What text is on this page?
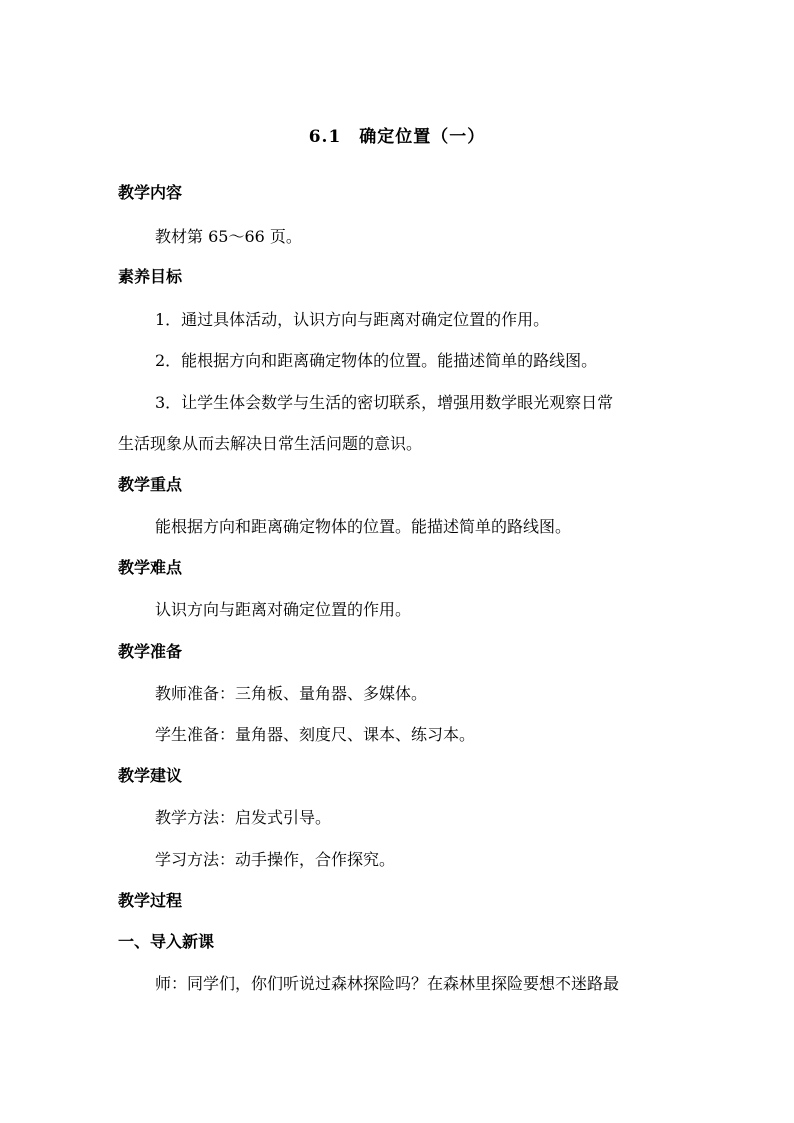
6.1　确定位置（一）
教学内容
教材第 65～66 页。
素养目标
1．通过具体活动，认识方向与距离对确定位置的作用。
2．能根据方向和距离确定物体的位置。能描述简单的路线图。
3．让学生体会数学与生活的密切联系，增强用数学眼光观察日常
生活现象从而去解决日常生活问题的意识。
教学重点
能根据方向和距离确定物体的位置。能描述简单的路线图。
教学难点
认识方向与距离对确定位置的作用。
教学准备
教师准备：三角板、量角器、多媒体。
学生准备：量角器、刻度尺、课本、练习本。
教学建议
教学方法：启发式引导。
学习方法：动手操作，合作探究。
教学过程
一、导入新课
师：同学们，你们听说过森林探险吗？在森林里探险要想不迷路最
